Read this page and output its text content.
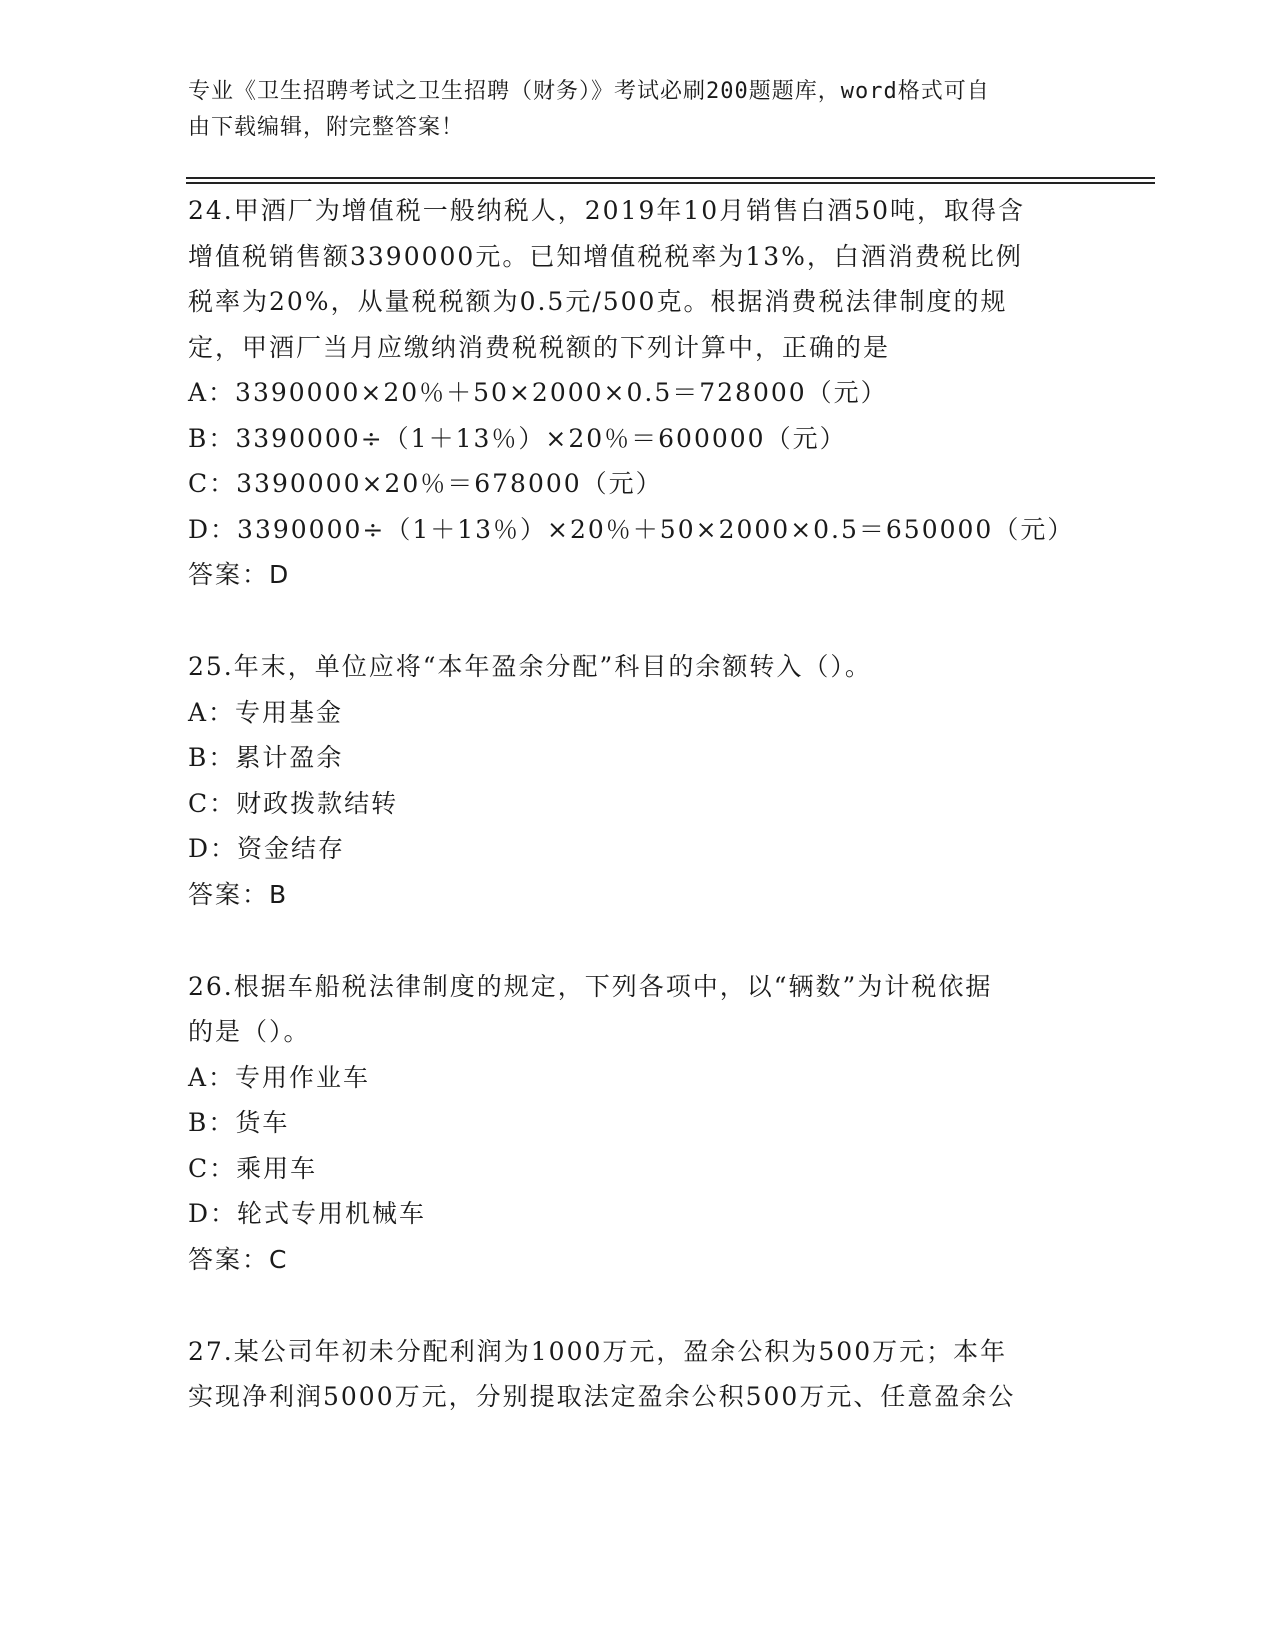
专业《卫生招聘考试之卫生招聘（财务）》考试必刷200题题库，word格式可自
由下载编辑，附完整答案！
24.甲酒厂为增值税一般纳税人，2019年10月销售白酒50吨，取得含
增值税销售额3390000元。已知增值税税率为13%，白酒消费税比例
税率为20%，从量税税额为0.5元/500克。根据消费税法律制度的规
定，甲酒厂当月应缴纳消费税税额的下列计算中，正确的是
A：3390000×20％＋50×2000×0.5＝728000（元）
B：3390000÷（1＋13％）×20％＝600000（元）
C：3390000×20％＝678000（元）
D：3390000÷（1＋13％）×20％＋50×2000×0.5＝650000（元）
答案：D
25.年末，单位应将“本年盈余分配”科目的余额转入（）。
A：专用基金
B：累计盈余
C：财政拨款结转
D：资金结存
答案：B
26.根据车船税法律制度的规定，下列各项中，以“辆数”为计税依据
的是（）。
A：专用作业车
B：货车
C：乘用车
D：轮式专用机械车
答案：C
27.某公司年初未分配利润为1000万元，盈余公积为500万元；本年
实现净利润5000万元，分别提取法定盈余公积500万元、任意盈余公
